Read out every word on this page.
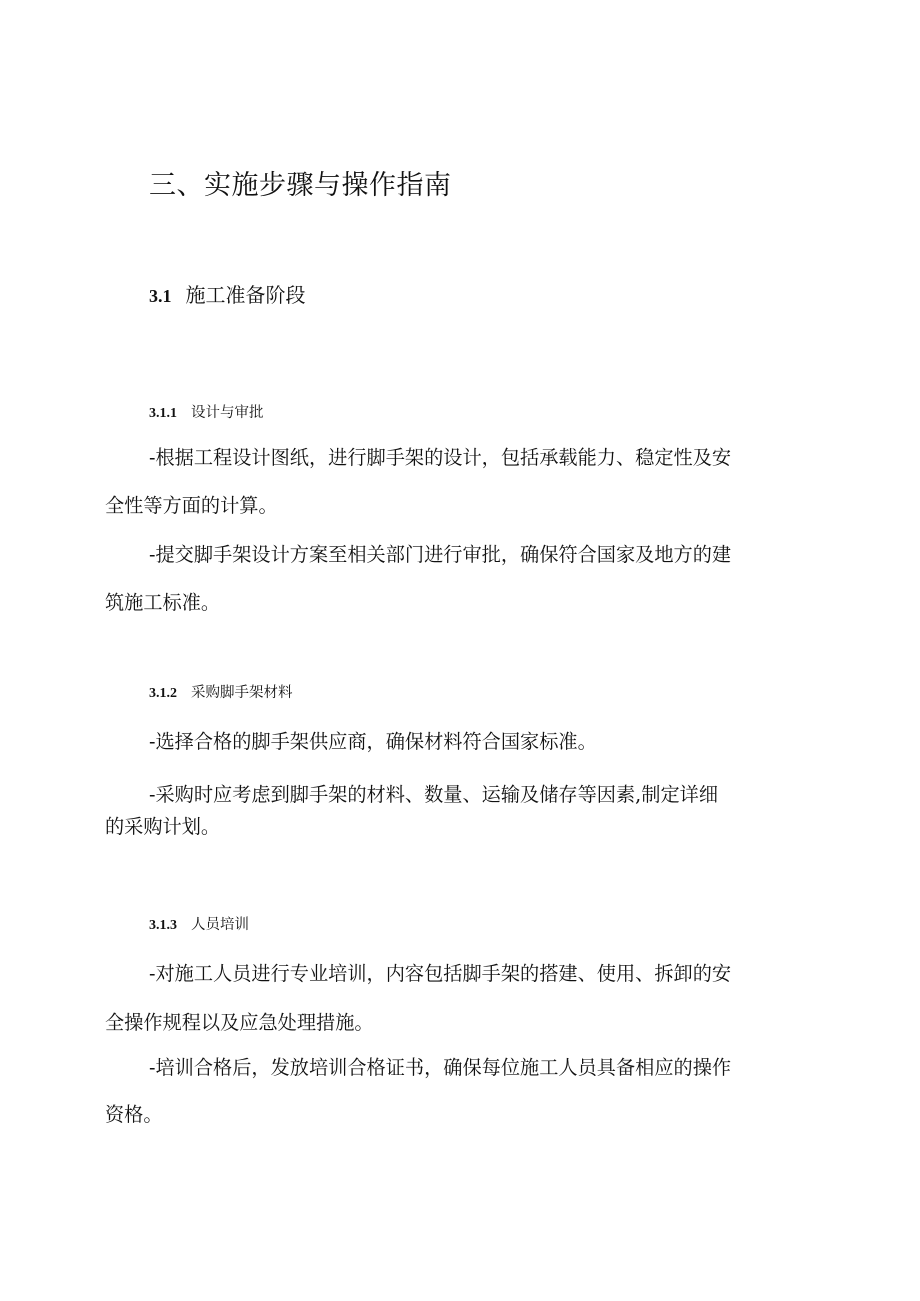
三、实施步骤与操作指南
3.1 施工准备阶段
3.1.1 设计与审批
-根据工程设计图纸，进行脚手架的设计，包括承载能力、稳定性及安
全性等方面的计算。
-提交脚手架设计方案至相关部门进行审批，确保符合国家及地方的建
筑施工标准。
3.1.2 采购脚手架材料
-选择合格的脚手架供应商，确保材料符合国家标准。
-采购时应考虑到脚手架的材料、数量、运输及储存等因素,制定详细
的采购计划。
3.1.3 人员培训
-对施工人员进行专业培训，内容包括脚手架的搭建、使用、拆卸的安
全操作规程以及应急处理措施。
-培训合格后，发放培训合格证书，确保每位施工人员具备相应的操作
资格。
